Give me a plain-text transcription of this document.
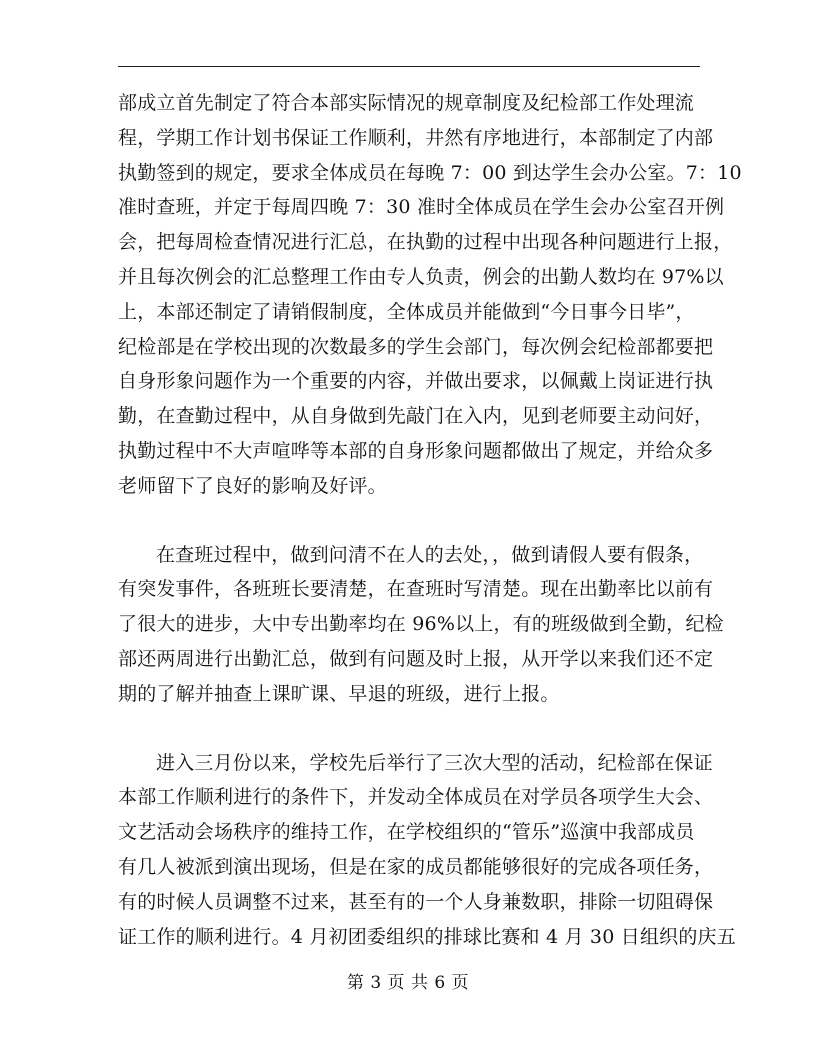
部成立首先制定了符合本部实际情况的规章制度及纪检部工作处理流
程，学期工作计划书保证工作顺利，井然有序地进行，本部制定了内部
执勤签到的规定，要求全体成员在每晚 7：00 到达学生会办公室。7：10
准时查班，并定于每周四晚 7：30 准时全体成员在学生会办公室召开例
会，把每周检查情况进行汇总，在执勤的过程中出现各种问题进行上报，
并且每次例会的汇总整理工作由专人负责，例会的出勤人数均在 97%以
上，本部还制定了请销假制度，全体成员并能做到“今日事今日毕”，
纪检部是在学校出现的次数最多的学生会部门，每次例会纪检部都要把
自身形象问题作为一个重要的内容，并做出要求，以佩戴上岗证进行执
勤，在查勤过程中，从自身做到先敲门在入内，见到老师要主动问好，
执勤过程中不大声喧哗等本部的自身形象问题都做出了规定，并给众多
老师留下了良好的影响及好评。
在查班过程中，做到问清不在人的去处，，做到请假人要有假条，
有突发事件，各班班长要清楚，在查班时写清楚。现在出勤率比以前有
了很大的进步，大中专出勤率均在 96%以上，有的班级做到全勤，纪检
部还两周进行出勤汇总，做到有问题及时上报，从开学以来我们还不定
期的了解并抽查上课旷课、早退的班级，进行上报。
进入三月份以来，学校先后举行了三次大型的活动，纪检部在保证
本部工作顺利进行的条件下，并发动全体成员在对学员各项学生大会、
文艺活动会场秩序的维持工作，在学校组织的“管乐”巡演中我部成员
有几人被派到演出现场，但是在家的成员都能够很好的完成各项任务，
有的时候人员调整不过来，甚至有的一个人身兼数职，排除一切阻碍保
证工作的顺利进行。4 月初团委组织的排球比赛和 4 月 30 日组织的庆五
第 3 页 共 6 页
